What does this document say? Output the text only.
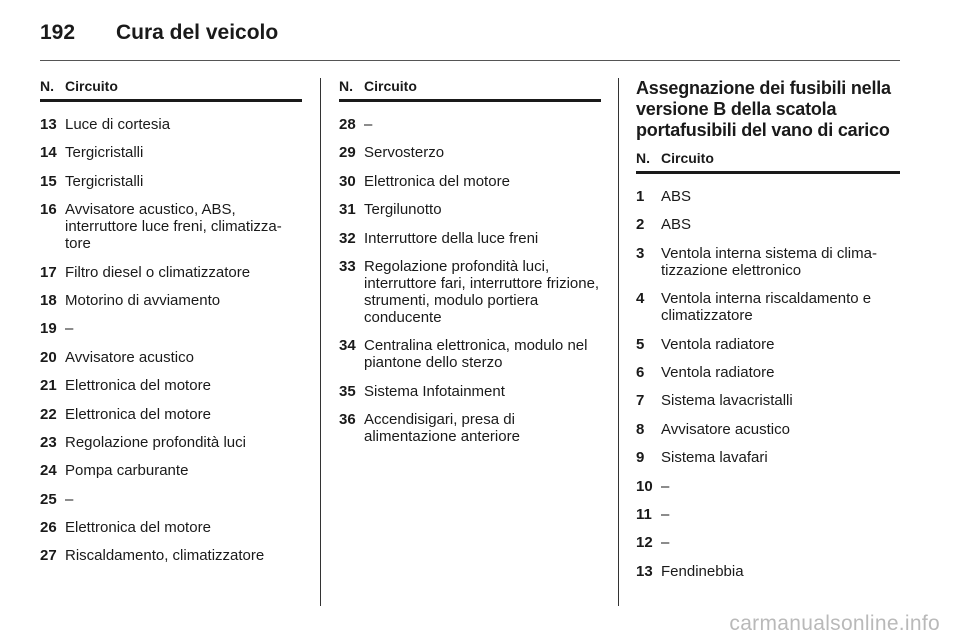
192	Cura del veicolo
N. Circuito
13 Luce di cortesia
14 Tergicristalli
15 Tergicristalli
16 Avvisatore acustico, ABS, interruttore luce freni, climatizza-tore
17 Filtro diesel o climatizzatore
18 Motorino di avviamento
19 –
20 Avvisatore acustico
21 Elettronica del motore
22 Elettronica del motore
23 Regolazione profondità luci
24 Pompa carburante
25 –
26 Elettronica del motore
27 Riscaldamento, climatizzatore
N. Circuito
28 –
29 Servosterzo
30 Elettronica del motore
31 Tergilunotto
32 Interruttore della luce freni
33 Regolazione profondità luci, interruttore fari, interruttore frizione, strumenti, modulo portiera conducente
34 Centralina elettronica, modulo nel piantone dello sterzo
35 Sistema Infotainment
36 Accendisigari, presa di alimentazione anteriore
Assegnazione dei fusibili nella versione B della scatola portafusibili del vano di carico
N. Circuito
1	ABS
2	ABS
3	Ventola interna sistema di clima-tizzazione elettronico
4	Ventola interna riscaldamento e climatizzatore
5	Ventola radiatore
6	Ventola radiatore
7	Sistema lavacristalli
8	Avvisatore acustico
9	Sistema lavafari
10 –
11 –
12 –
13 Fendinebbia
carmanualsonline.info
